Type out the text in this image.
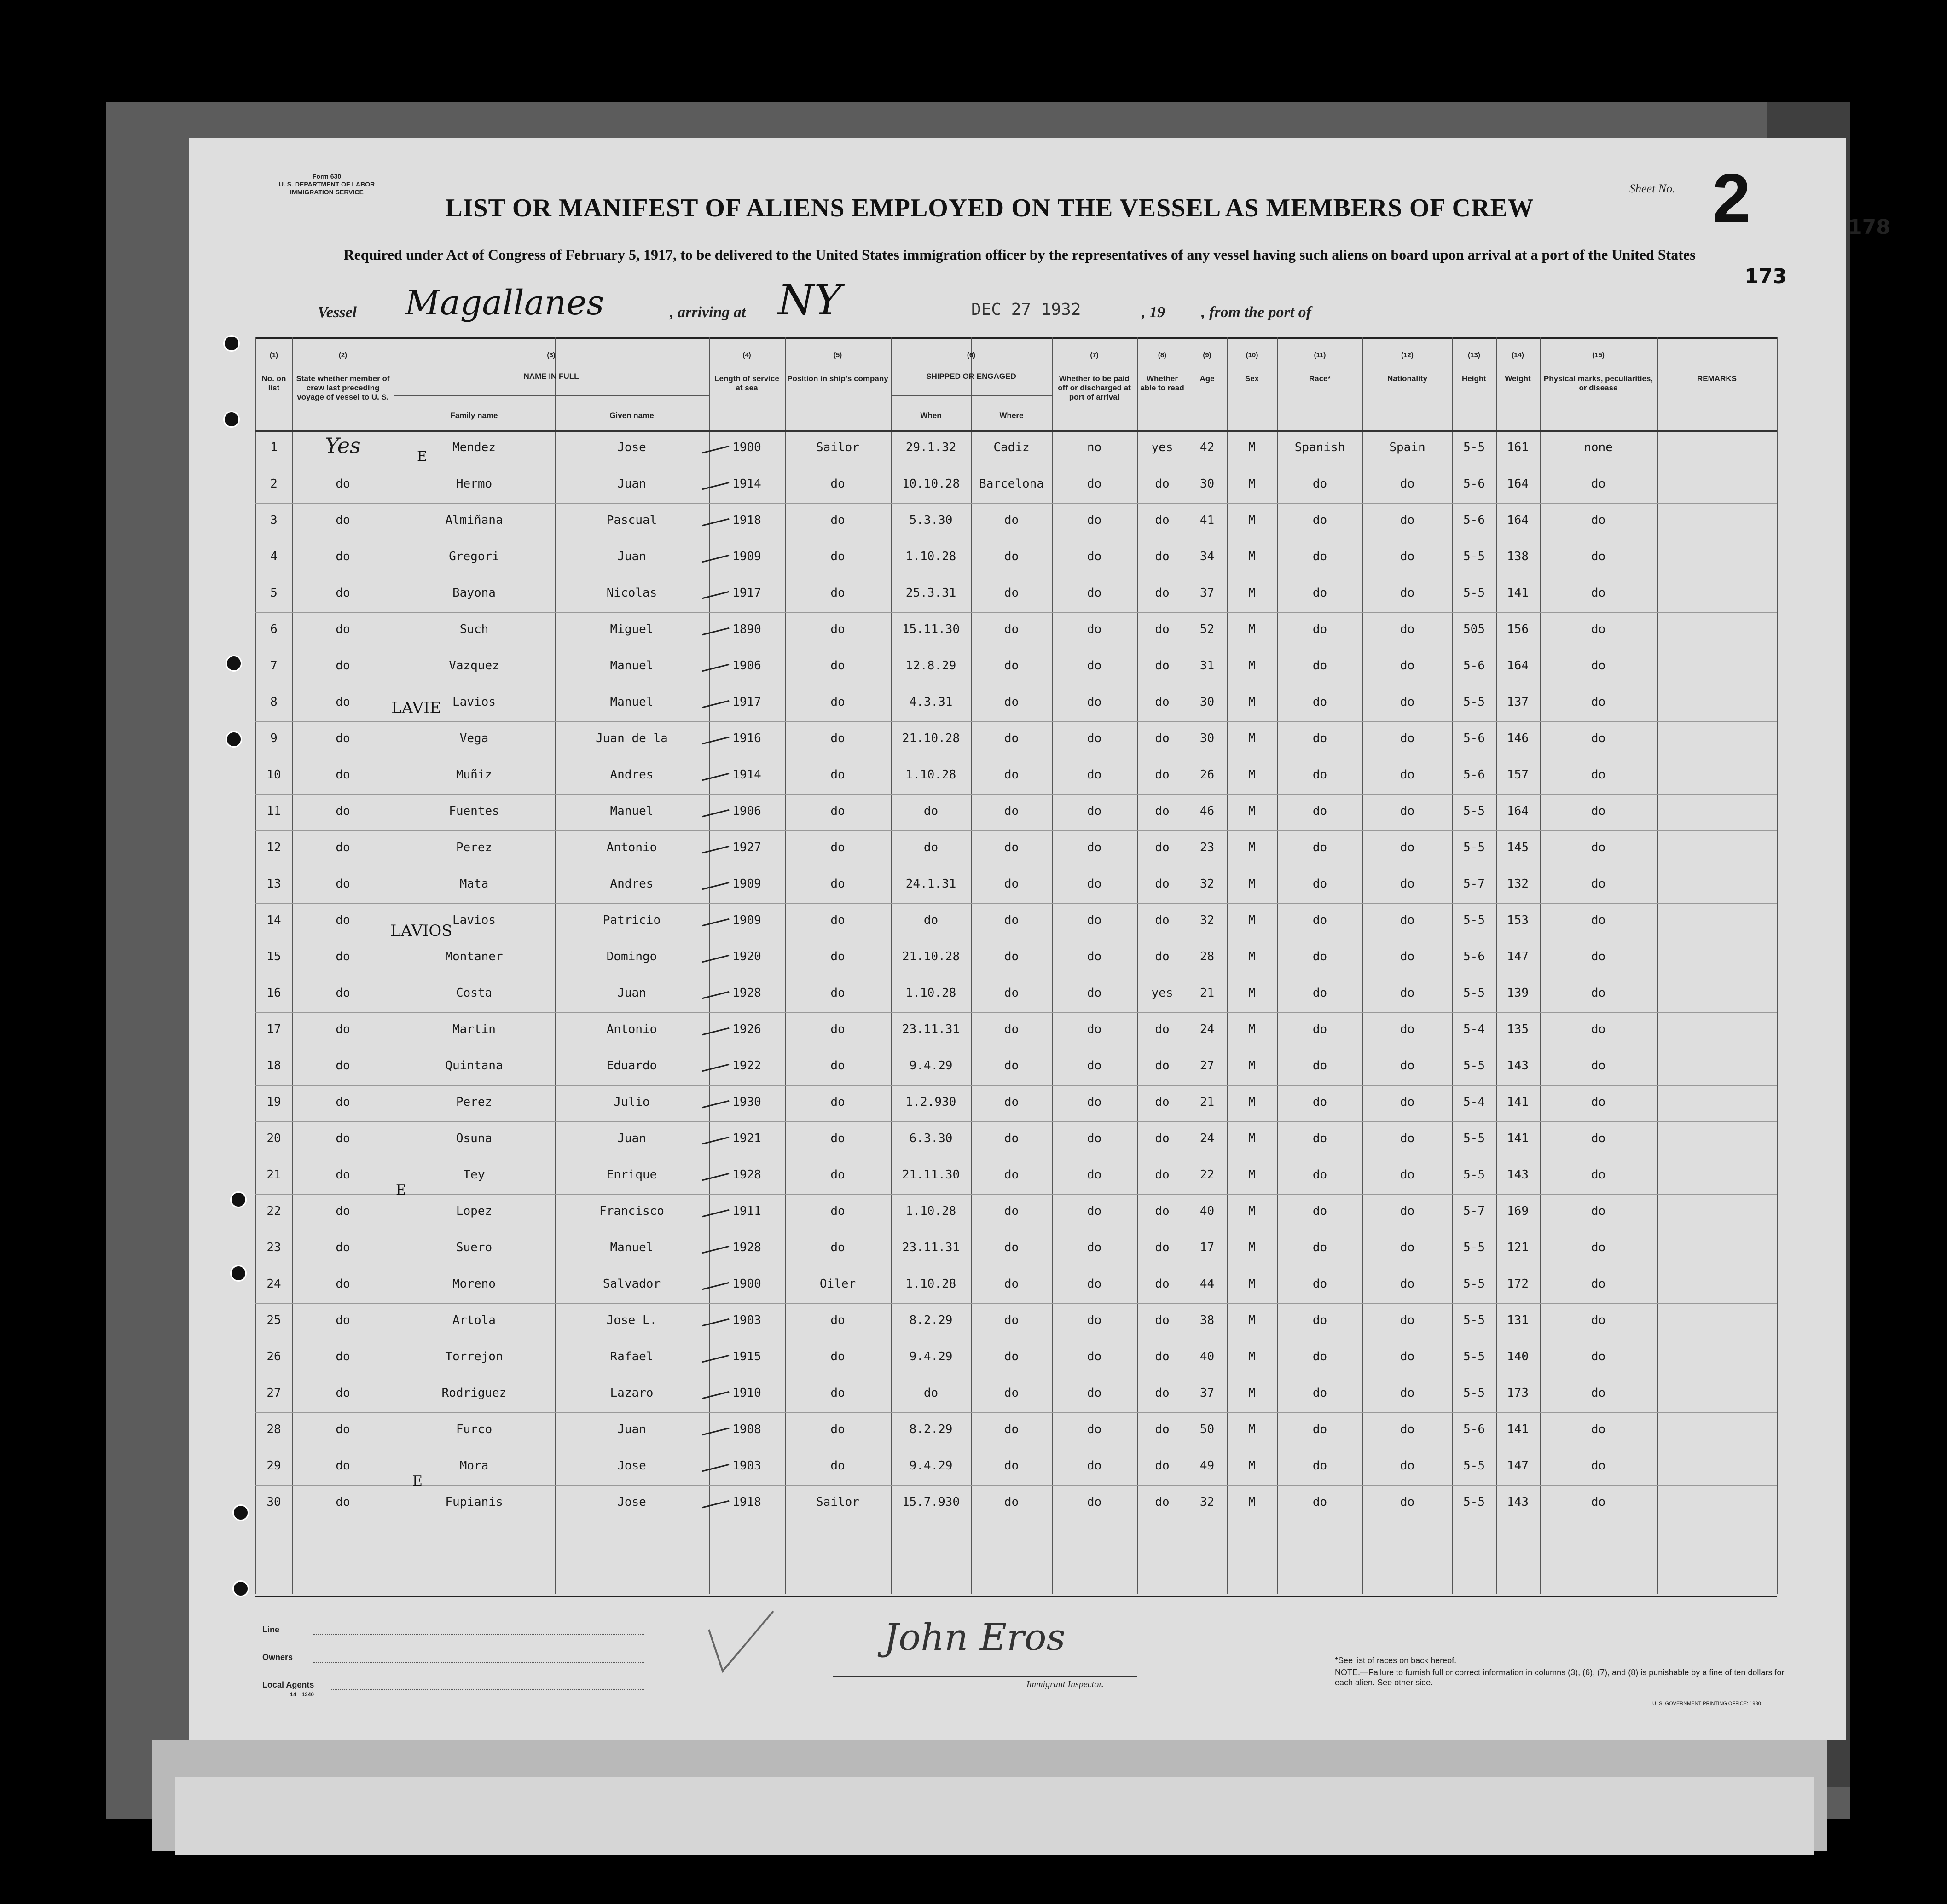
178
Form 630
U. S. DEPARTMENT OF LABOR
IMMIGRATION SERVICE
LIST OR MANIFEST OF ALIENS EMPLOYED ON THE VESSEL AS MEMBERS OF CREW
Required under Act of Congress of February 5, 1917, to be delivered to the United States immigration officer by the representatives of any vessel having such aliens on board upon arrival at a port of the United States
Sheet No. 2
173
Vessel Magallanes	, arriving at NY	DEC 27 1932	, 19 , from the port of
(1)
No. on list
(2)
State whether member of crew last preceding voyage of vessel to U. S.
(3)
NAME IN FULL
Family name	Given name
(4)
Length of service at sea
(5)
Position in ship's company
(6)
SHIPPED OR ENGAGED
When	Where
(7)
Whether to be paid off or discharged at port of arrival
(8)
Whether able to read
(9)
Age
(10)
Sex
(11)
Race*
(12)
Nationality
(13)
Height
(14)
Weight
(15)
Physical marks, peculiarities, or disease
REMARKS
1	Yes	Mendez	Jose	1900	Sailor	29.1.32	Cadiz	no	yes	42	M	Spanish	Spain	5-5	161	none
2	do	Hermo	Juan	1914	do	10.10.28	Barcelona	do	do	30	M	do	do	5-6	164	do
3	do	Almiñana	Pascual	1918	do	5.3.30	do	do	do	41	M	do	do	5-6	164	do
4	do	Gregori	Juan	1909	do	1.10.28	do	do	do	34	M	do	do	5-5	138	do
5	do	Bayona	Nicolas	1917	do	25.3.31	do	do	do	37	M	do	do	5-5	141	do
6	do	Such	Miguel	1890	do	15.11.30	do	do	do	52	M	do	do	505	156	do
7	do	Vazquez	Manuel	1906	do	12.8.29	do	do	do	31	M	do	do	5-6	164	do
8	do	Lavios	Manuel	1917	do	4.3.31	do	do	do	30	M	do	do	5-5	137	do
9	do	Vega	Juan de la	1916	do	21.10.28	do	do	do	30	M	do	do	5-6	146	do
10	do	Muñiz	Andres	1914	do	1.10.28	do	do	do	26	M	do	do	5-6	157	do
11	do	Fuentes	Manuel	1906	do	do	do	do	do	46	M	do	do	5-5	164	do
12	do	Perez	Antonio	1927	do	do	do	do	do	23	M	do	do	5-5	145	do
13	do	Mata	Andres	1909	do	24.1.31	do	do	do	32	M	do	do	5-7	132	do
14	do	Lavios	Patricio	1909	do	do	do	do	do	32	M	do	do	5-5	153	do
15	do	Montaner	Domingo	1920	do	21.10.28	do	do	do	28	M	do	do	5-6	147	do
16	do	Costa	Juan	1928	do	1.10.28	do	do	yes	21	M	do	do	5-5	139	do
17	do	Martin	Antonio	1926	do	23.11.31	do	do	do	24	M	do	do	5-4	135	do
18	do	Quintana	Eduardo	1922	do	9.4.29	do	do	do	27	M	do	do	5-5	143	do
19	do	Perez	Julio	1930	do	1.2.930	do	do	do	21	M	do	do	5-4	141	do
20	do	Osuna	Juan	1921	do	6.3.30	do	do	do	24	M	do	do	5-5	141	do
21	do	Tey	Enrique	1928	do	21.11.30	do	do	do	22	M	do	do	5-5	143	do
22	do	Lopez	Francisco	1911	do	1.10.28	do	do	do	40	M	do	do	5-7	169	do
23	do	Suero	Manuel	1928	do	23.11.31	do	do	do	17	M	do	do	5-5	121	do
24	do	Moreno	Salvador	1900	Oiler	1.10.28	do	do	do	44	M	do	do	5-5	172	do
25	do	Artola	Jose L.	1903	do	8.2.29	do	do	do	38	M	do	do	5-5	131	do
26	do	Torrejon	Rafael	1915	do	9.4.29	do	do	do	40	M	do	do	5-5	140	do
27	do	Rodriguez	Lazaro	1910	do	do	do	do	do	37	M	do	do	5-5	173	do
28	do	Furco	Juan	1908	do	8.2.29	do	do	do	50	M	do	do	5-6	141	do
29	do	Mora	Jose	1903	do	9.4.29	do	do	do	49	M	do	do	5-5	147	do
30	do	Fupianis	Jose	1918	Sailor	15.7.930	do	do	do	32	M	do	do	5-5	143	do
LAVIE
LAVIOS
E
E
E
Line
Owners
Local Agents
14—1240
John Eros
Immigrant Inspector.
*See list of races on back hereof.
NOTE.—Failure to furnish full or correct information in columns (3), (6), (7), and (8) is punishable by a fine of ten dollars for each alien. See other side.
U. S. GOVERNMENT PRINTING OFFICE: 1930
